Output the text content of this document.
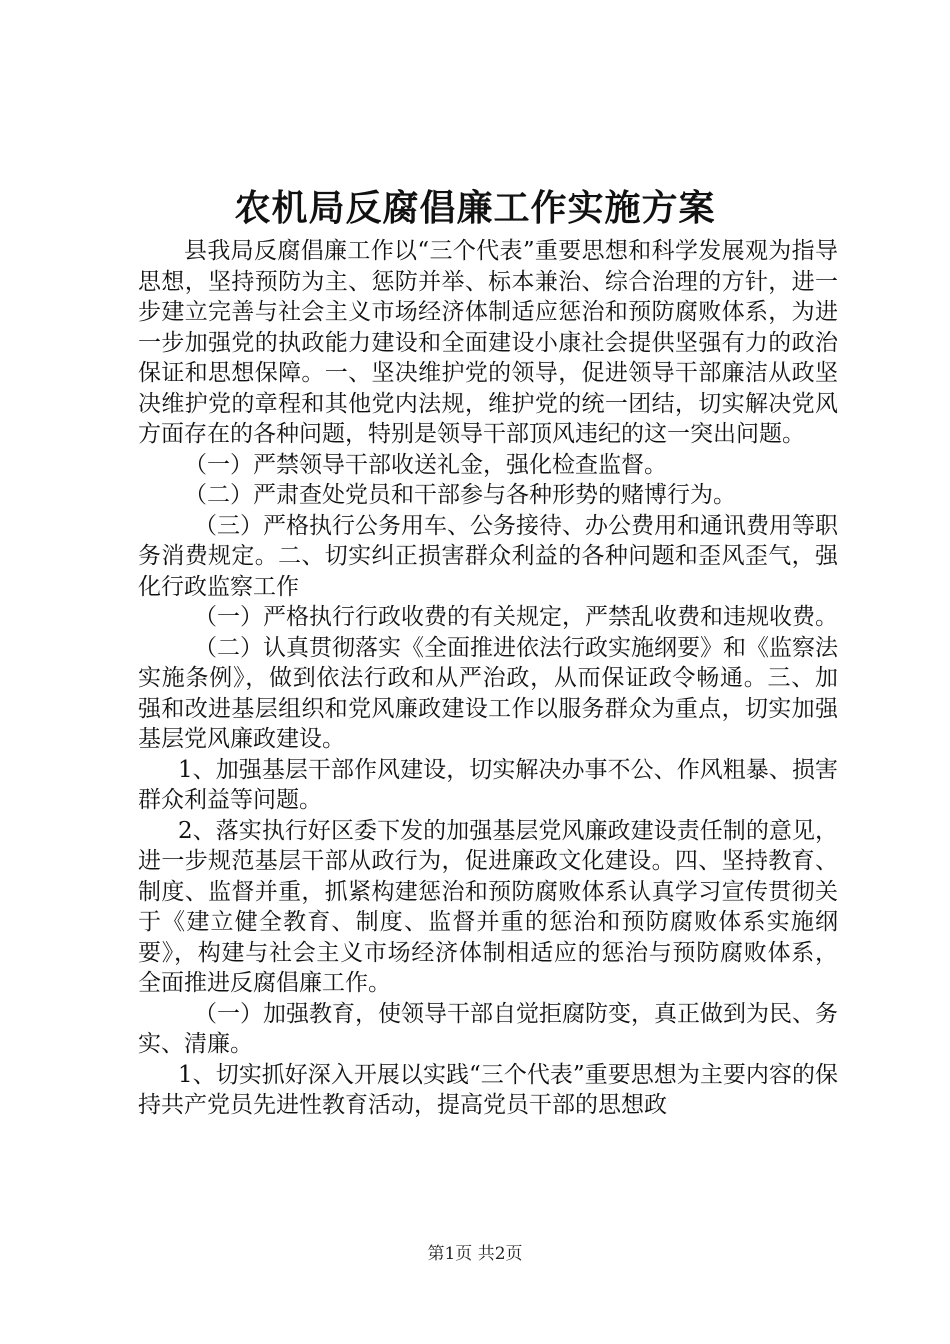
农机局反腐倡廉工作实施方案

县我局反腐倡廉工作以“三个代表”重要思想和科学发展观为指导思想，坚持预防为主、惩防并举、标本兼治、综合治理的方针，进一步建立完善与社会主义市场经济体制适应惩治和预防腐败体系，为进一步加强党的执政能力建设和全面建设小康社会提供坚强有力的政治保证和思想保障。一、坚决维护党的领导，促进领导干部廉洁从政坚决维护党的章程和其他党内法规，维护党的统一团结，切实解决党风方面存在的各种问题，特别是领导干部顶风违纪的这一突出问题。

（一）严禁领导干部收送礼金，强化检查监督。

（二）严肃查处党员和干部参与各种形势的赌博行为。

（三）严格执行公务用车、公务接待、办公费用和通讯费用等职务消费规定。二、切实纠正损害群众利益的各种问题和歪风歪气，强化行政监察工作

（一）严格执行行政收费的有关规定，严禁乱收费和违规收费。

（二）认真贯彻落实《全面推进依法行政实施纲要》和《监察法实施条例》，做到依法行政和从严治政，从而保证政令畅通。三、加强和改进基层组织和党风廉政建设工作以服务群众为重点，切实加强基层党风廉政建设。

1、加强基层干部作风建设，切实解决办事不公、作风粗暴、损害群众利益等问题。

2、落实执行好区委下发的加强基层党风廉政建设责任制的意见，进一步规范基层干部从政行为，促进廉政文化建设。四、坚持教育、制度、监督并重，抓紧构建惩治和预防腐败体系认真学习宣传贯彻关于《建立健全教育、制度、监督并重的惩治和预防腐败体系实施纲要》，构建与社会主义市场经济体制相适应的惩治与预防腐败体系，全面推进反腐倡廉工作。

（一）加强教育，使领导干部自觉拒腐防变，真正做到为民、务实、清廉。

1、切实抓好深入开展以实践“三个代表”重要思想为主要内容的保持共产党员先进性教育活动，提高党员干部的思想政

第1页 共2页
